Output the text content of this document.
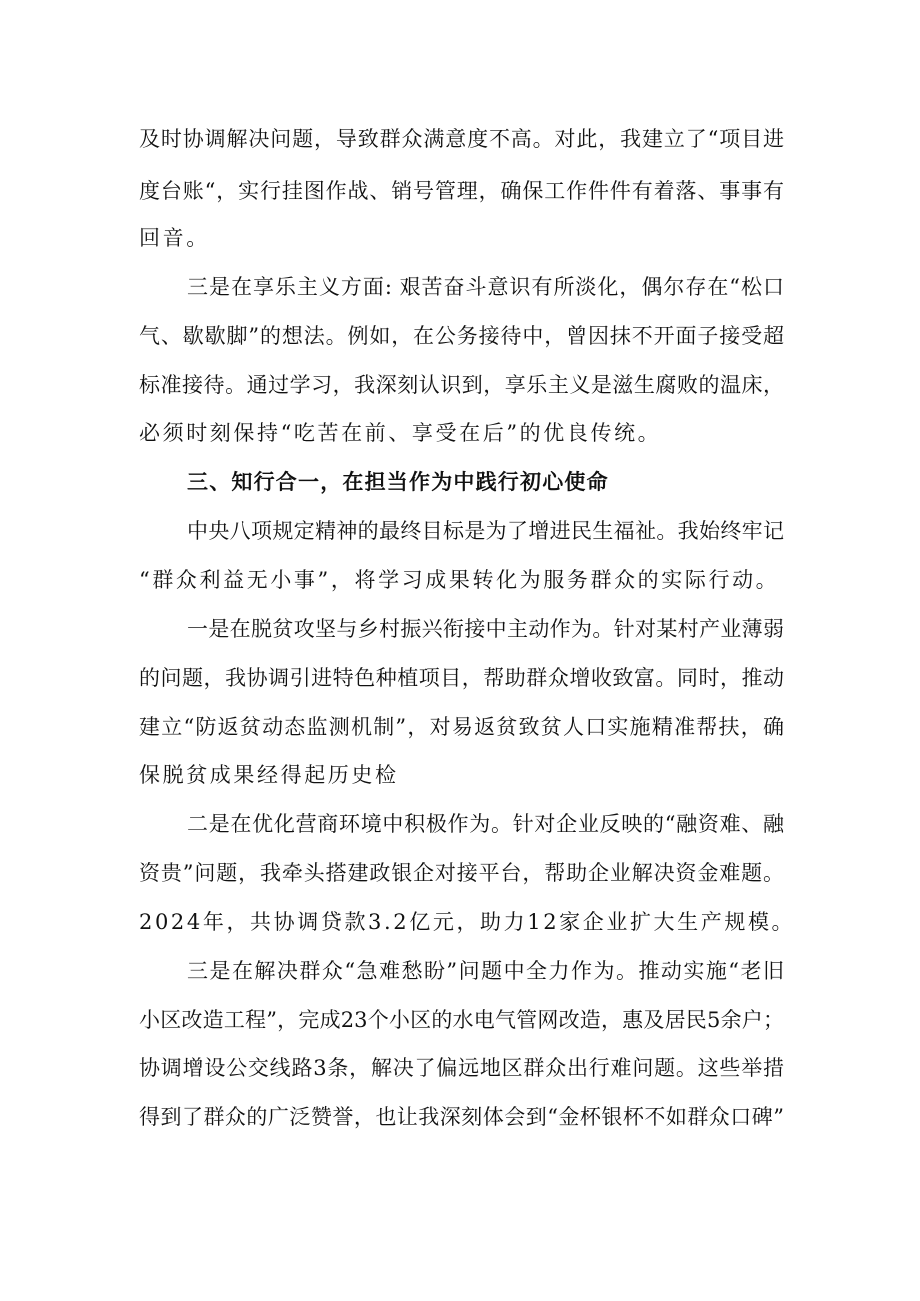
及时协调解决问题，导致群众满意度不高。对此，我建立了“项目进
度台账“，实行挂图作战、销号管理，确保工作件件有着落、事事有
回音。
三是在享乐主义方面: 艰苦奋斗意识有所淡化，偶尔存在“松口
气、歇歇脚”的想法。例如，在公务接待中，曾因抹不开面子接受超
标准接待。通过学习，我深刻认识到，享乐主义是滋生腐败的温床，
必须时刻保持“吃苦在前、享受在后”的优良传统。
三、知行合一，在担当作为中践行初心使命
中央八项规定精神的最终目标是为了增进民生福祉。我始终牢记
“群众利益无小事”，将学习成果转化为服务群众的实际行动。
一是在脱贫攻坚与乡村振兴衔接中主动作为。针对某村产业薄弱
的问题，我协调引进特色种植项目，帮助群众增收致富。同时，推动
建立“防返贫动态监测机制”，对易返贫致贫人口实施精准帮扶，确
保脱贫成果经得起历史检
二是在优化营商环境中积极作为。针对企业反映的“融资难、融
资贵”问题，我牵头搭建政银企对接平台，帮助企业解决资金难题。
2024年，共协调贷款3.2亿元，助力12家企业扩大生产规模。
三是在解决群众“急难愁盼”问题中全力作为。推动实施“老旧
小区改造工程”，完成23个小区的水电气管网改造，惠及居民5余户；
协调增设公交线路3条，解决了偏远地区群众出行难问题。这些举措
得到了群众的广泛赞誉，也让我深刻体会到“金杯银杯不如群众口碑”
